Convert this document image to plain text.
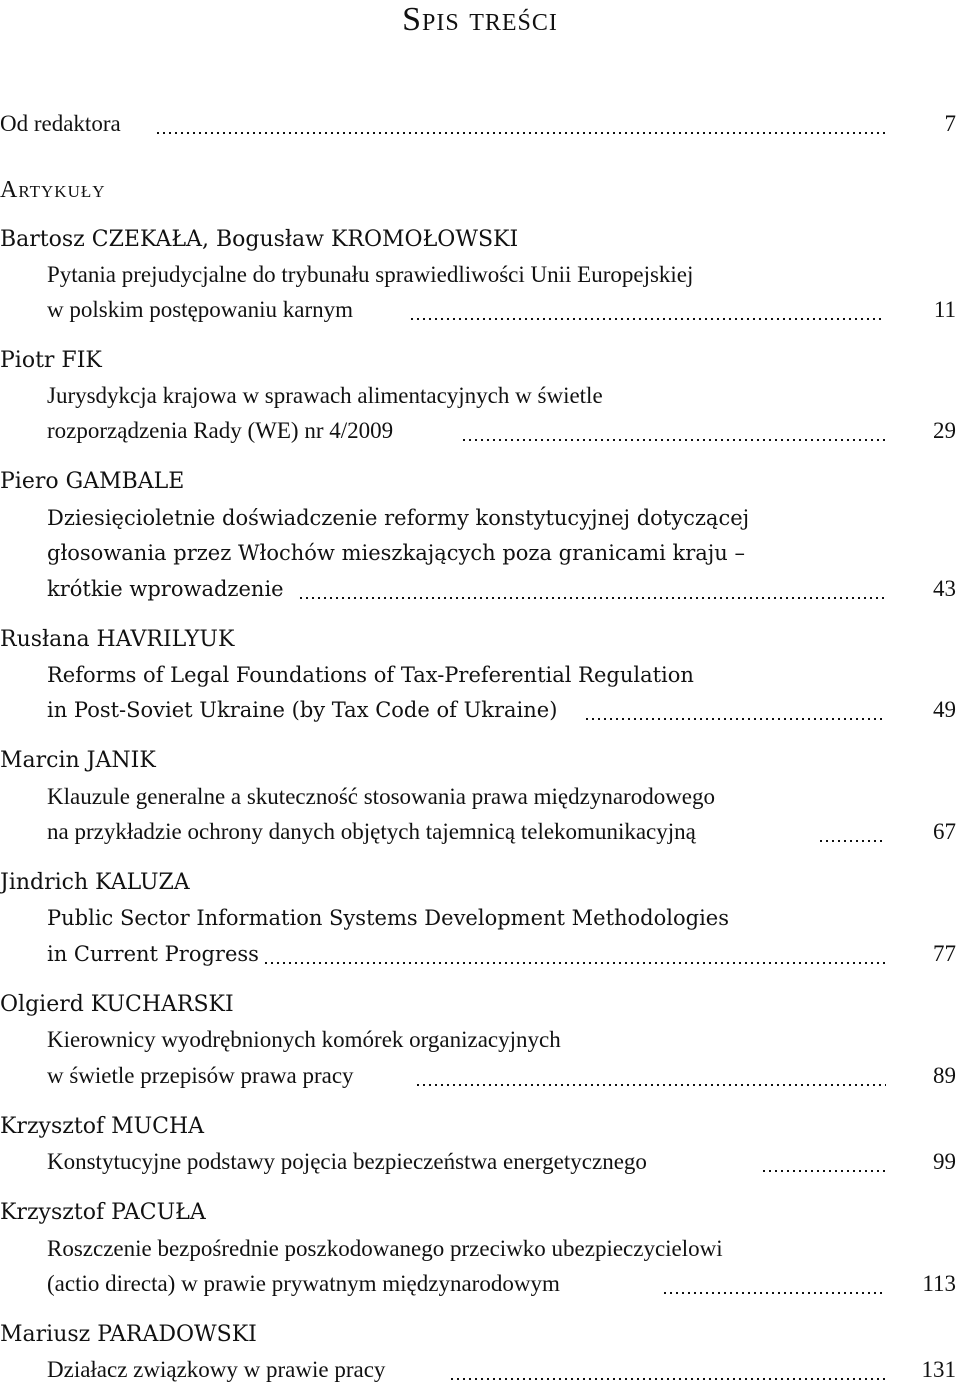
Spis treści
Od redaktora	7
Artykuły
Bartosz CZEKAŁA, Bogusław KROMOŁOWSKI
Pytania prejudycjalne do trybunału sprawiedliwości Unii Europejskiej
w polskim postępowaniu karnym	11
Piotr FIK
Jurysdykcja krajowa w sprawach alimentacyjnych w świetle
rozporządzenia Rady (WE) nr 4/2009	29
Piero GAMBALE
Dziesięcioletnie doświadczenie reformy konstytucyjnej dotyczącej
głosowania przez Włochów mieszkających poza granicami kraju –
krótkie wprowadzenie	43
Rusłana HAVRILYUK
Reforms of Legal Foundations of Tax-Preferential Regulation
in Post-Soviet Ukraine (by Tax Code of Ukraine)	49
Marcin JANIK
Klauzule generalne a skuteczność stosowania prawa międzynarodowego
na przykładzie ochrony danych objętych tajemnicą telekomunikacyjną	67
Jindrich KALUZA
Public Sector Information Systems Development Methodologies
in Current Progress	77
Olgierd KUCHARSKI
Kierownicy wyodrębnionych komórek organizacyjnych
w świetle przepisów prawa pracy	89
Krzysztof MUCHA
Konstytucyjne podstawy pojęcia bezpieczeństwa energetycznego	99
Krzysztof PACUŁA
Roszczenie bezpośrednie poszkodowanego przeciwko ubezpieczycielowi
(actio directa) w prawie prywatnym międzynarodowym	113
Mariusz PARADOWSKI
Działacz związkowy w prawie pracy	131
